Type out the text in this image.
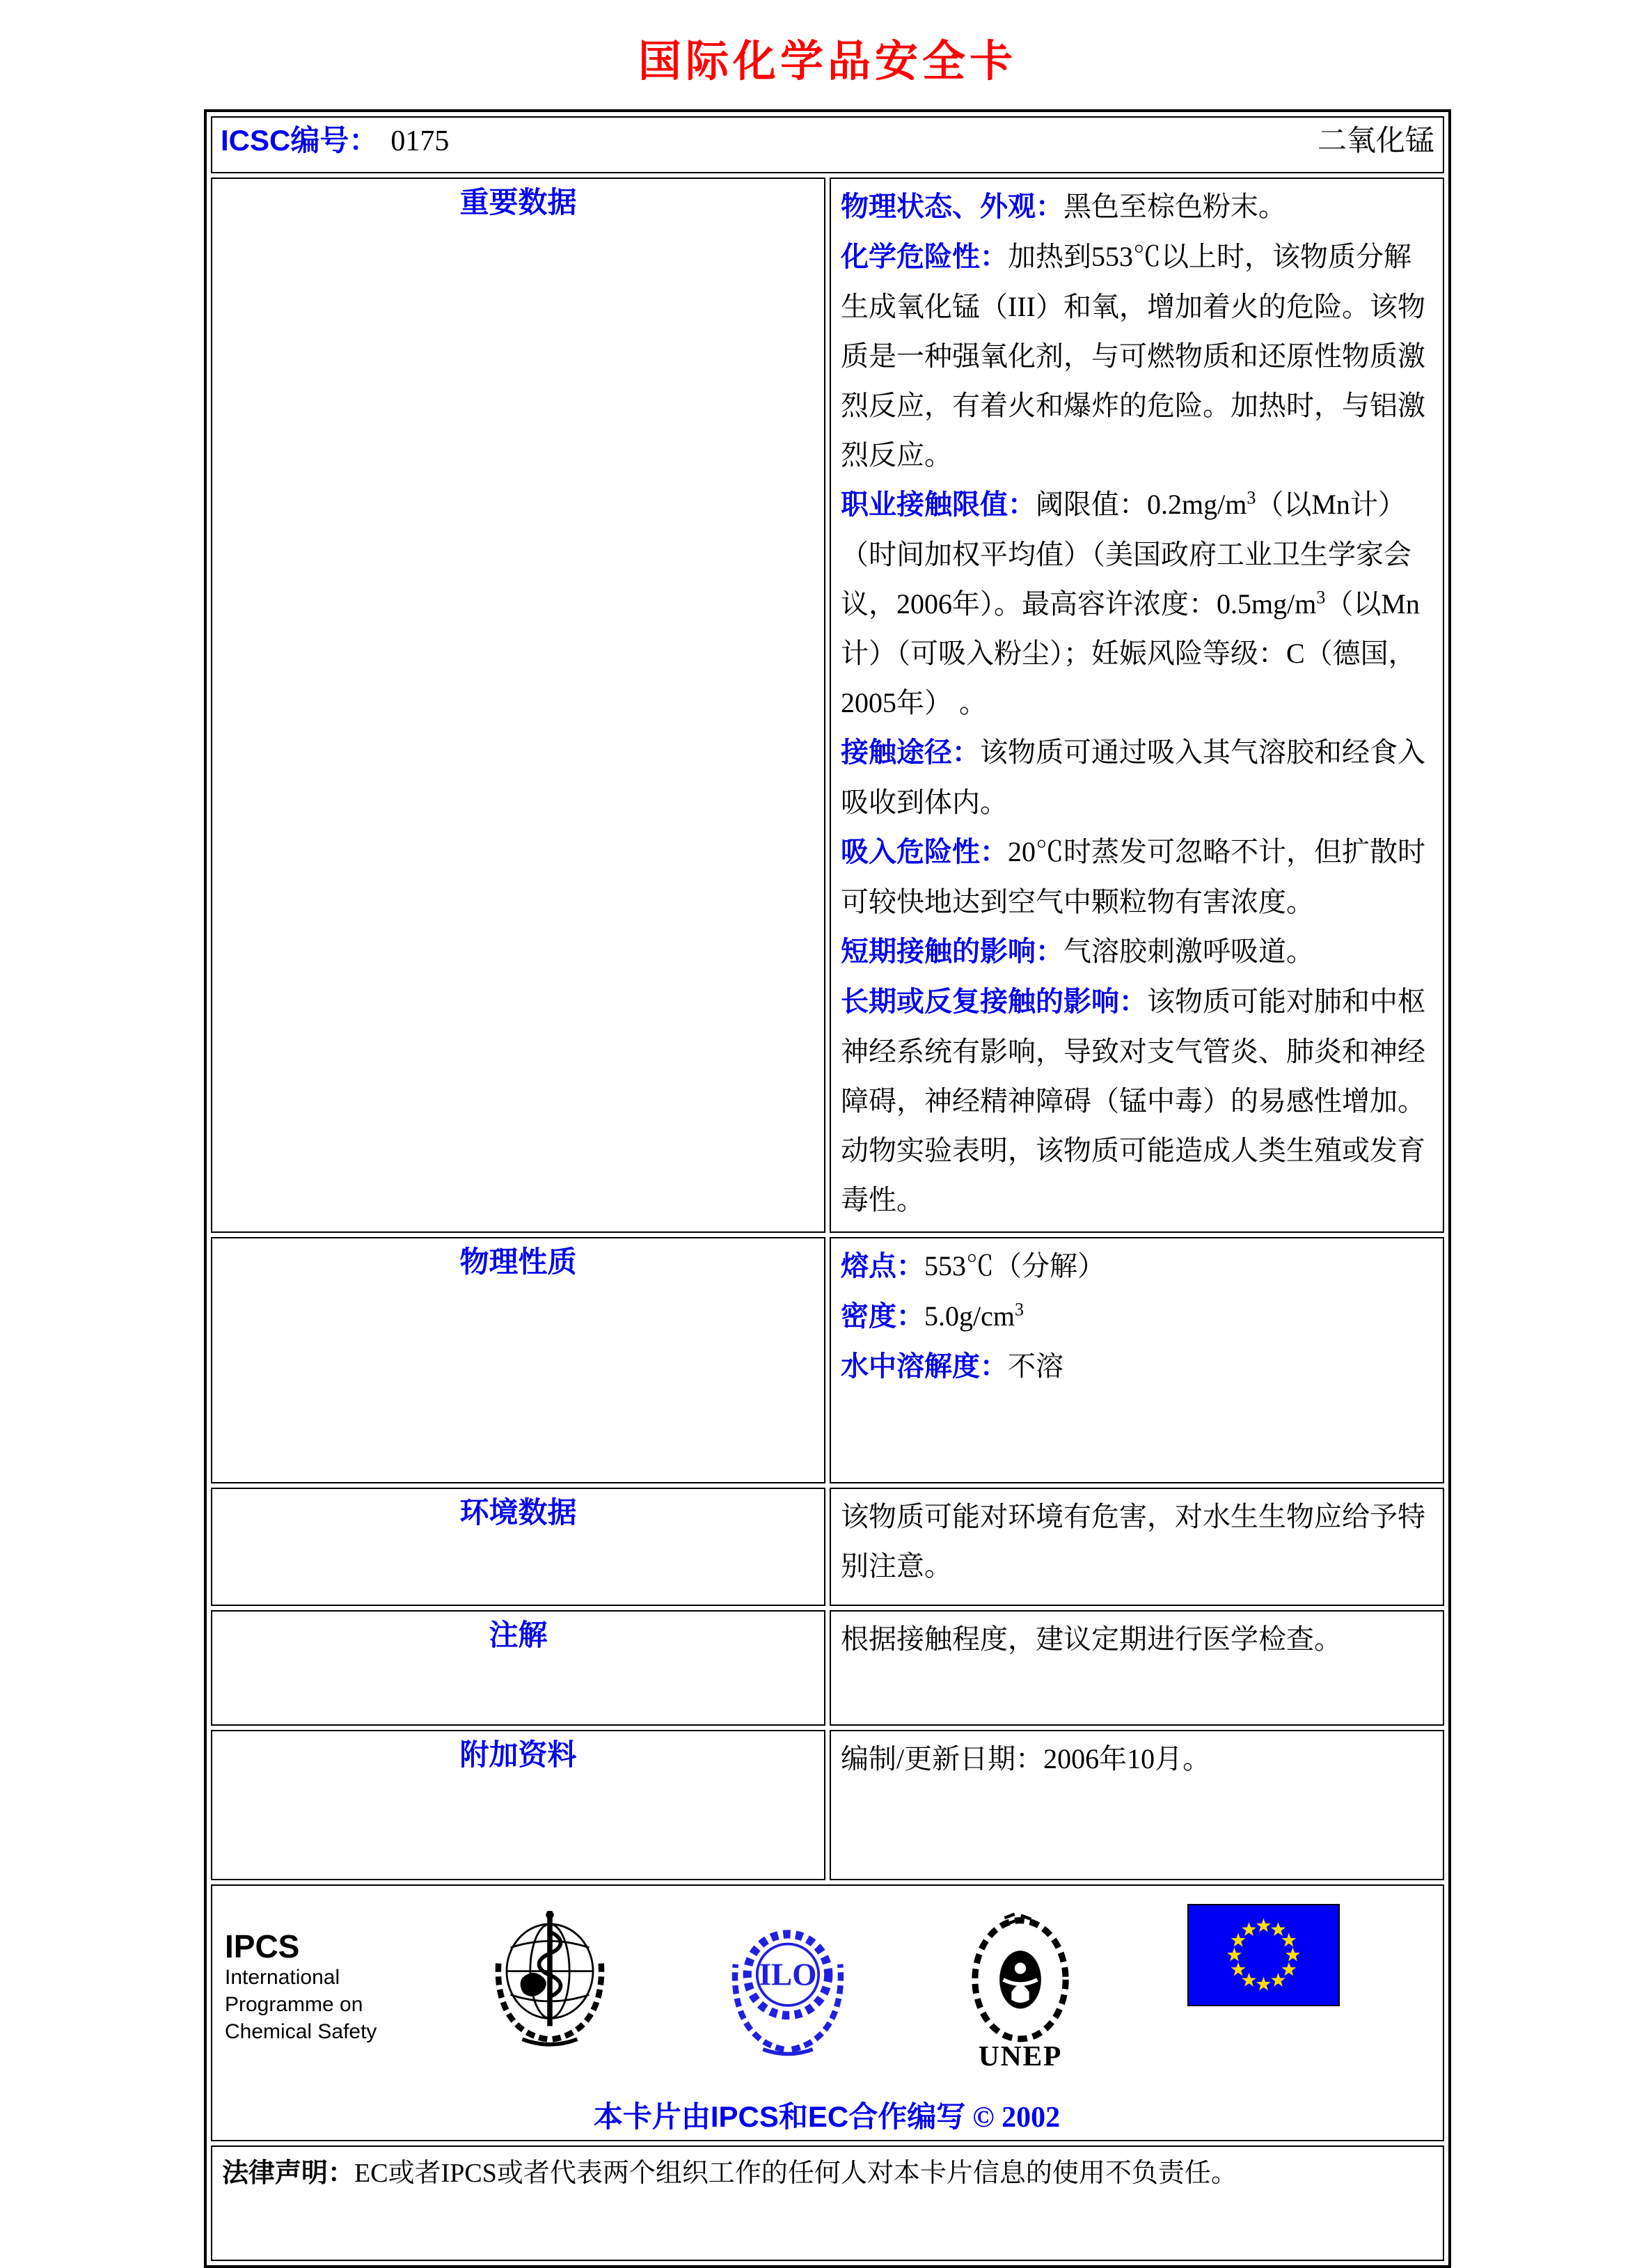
国际化学品安全卡
ICSC编号： 0175 二氧化锰	

重要数据	物理状态、外观：黑色至棕色粉末。
化学危险性：加热到553℃以上时，该物质分解生成氧化锰（III）和氧，增加着火的危险。该物质是一种强氧化剂，与可燃物质和还原性物质激烈反应，有着火和爆炸的危险。加热时，与铝激烈反应。
职业接触限值：阈限值：$0.2mg/m^3$（以Mn计）（时间加权平均值）（美国政府工业卫生学家会议，2006年）。最高容许浓度：$0.5mg/m^3$（以Mn计）（可吸入粉尘）；妊娠风险等级：C（德国，2005年） 。
接触途径：该物质可通过吸入其气溶胶和经食入吸收到体内。
吸入危险性：20℃时蒸发可忽略不计，但扩散时可较快地达到空气中颗粒物有害浓度。
短期接触的影响：气溶胶刺激呼吸道。
长期或反复接触的影响：该物质可能对肺和中枢神经系统有影响，导致对支气管炎、肺炎和神经障碍，神经精神障碍（锰中毒）的易感性增加。动物实验表明，该物质可能造成人类生殖或发育毒性。

物理性质	熔点：553℃（分解）
密度：$5.0g/cm^3$
水中溶解度：不溶

环境数据	该物质可能对环境有危害，对水生生物应给予特别注意。

注解	根据接触程度，建议定期进行医学检查。

附加资料	编制/更新日期：2006年10月。

IPCS
International
Programme on
Chemical Safety
ILO
UNEP
本卡片由IPCS和EC合作编写 © 2002

法律声明：EC或者IPCS或者代表两个组织工作的任何人对本卡片信息的使用不负责任。	
